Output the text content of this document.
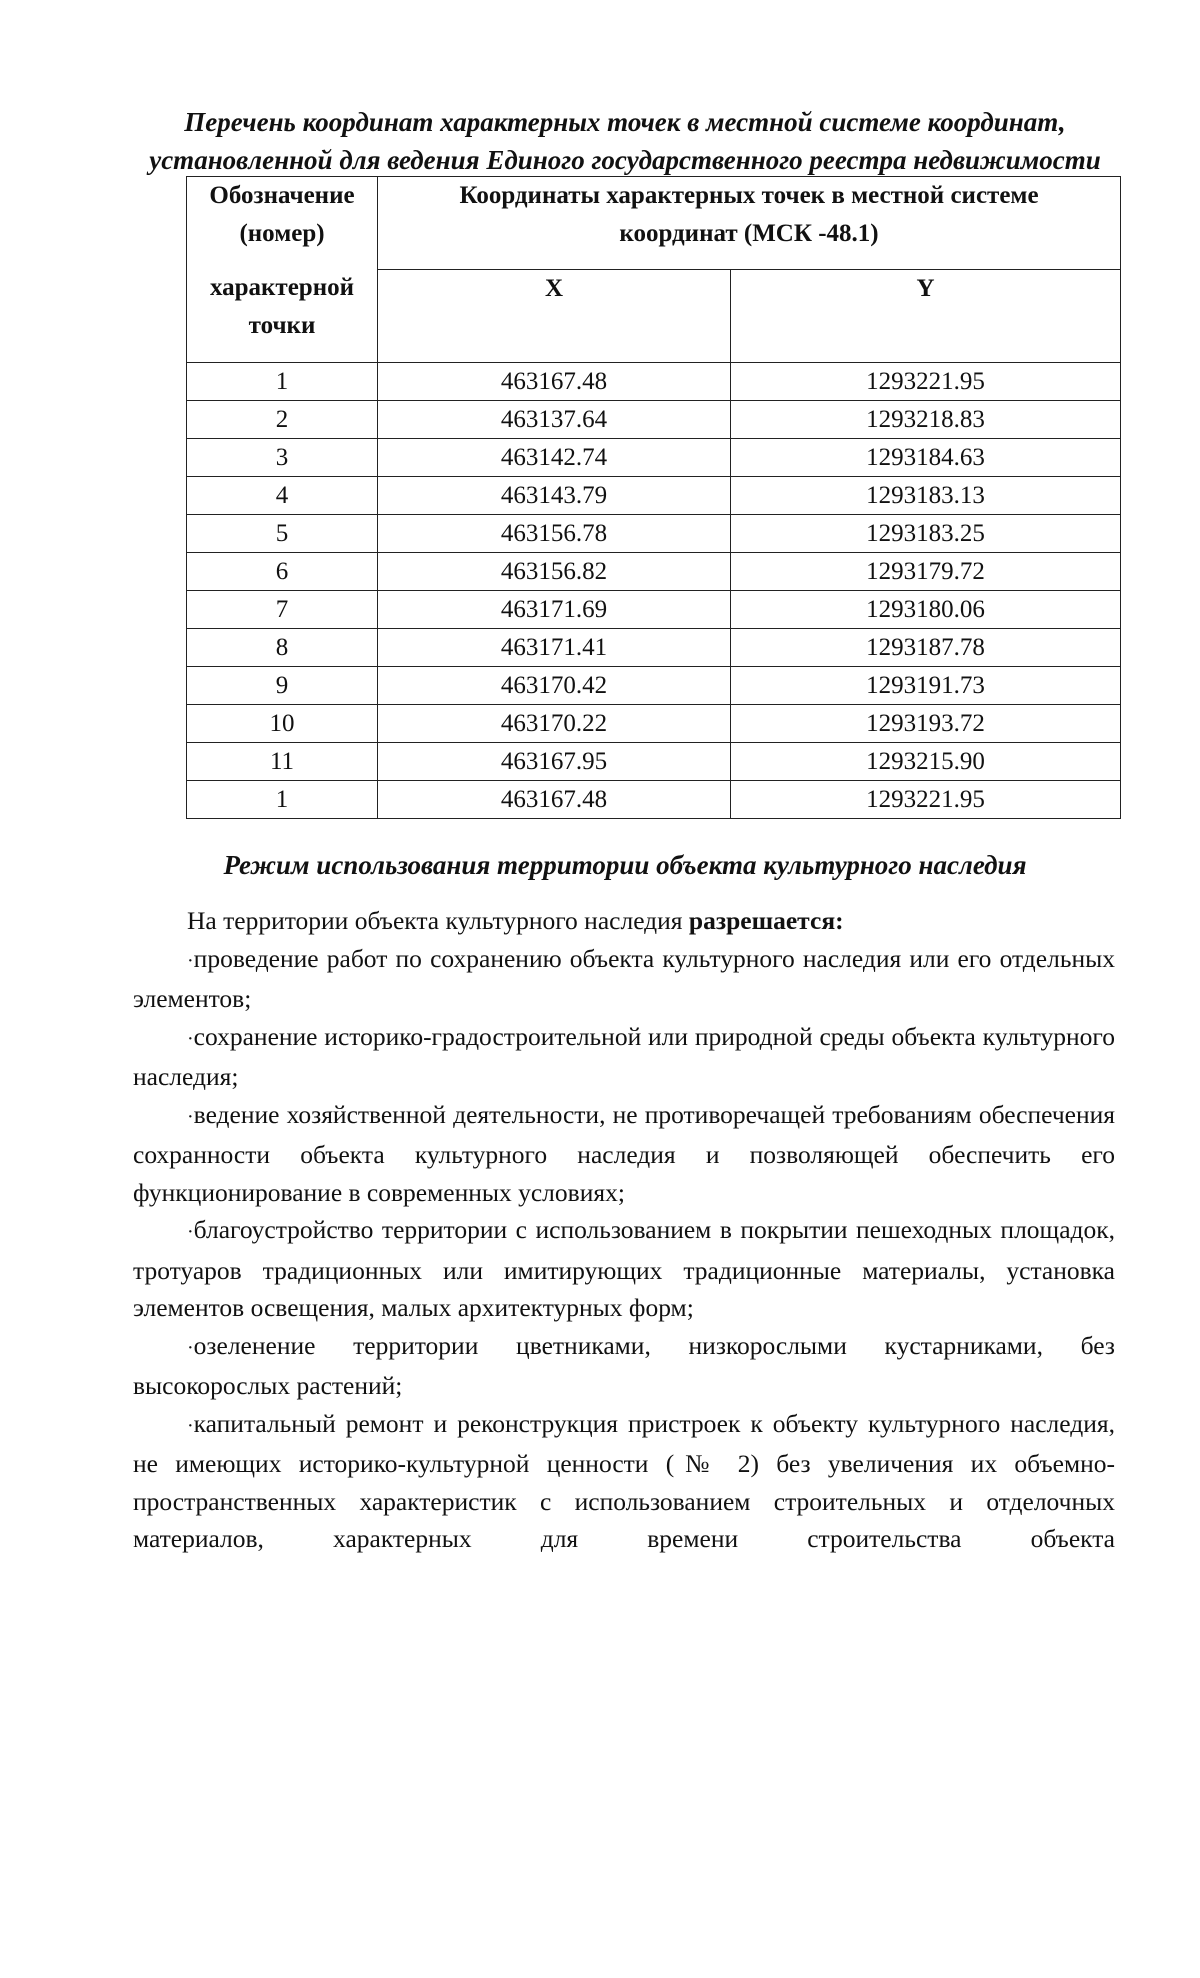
Перечень координат характерных точек в местной системе координат,

установленной для ведения Единого государственного реестра недвижимости

Обозначение
(номер)
характерной
точки	Координаты характерных точек в местной системе
координат (МСК -48.1)	
	X	Y
1	463167.48	1293221.95
2	463137.64	1293218.83
3	463142.74	1293184.63
4	463143.79	1293183.13
5	463156.78	1293183.25
6	463156.82	1293179.72
7	463171.69	1293180.06
8	463171.41	1293187.78
9	463170.42	1293191.73
10	463170.22	1293193.72
11	463167.95	1293215.90
1	463167.48	1293221.95

Режим использования территории объекта культурного наследия

На территории объекта культурного наследия разрешается:

·проведение работ по сохранению объекта культурного наследия или его отдельных элементов;

·сохранение историко-градостроительной или природной среды объекта культурного наследия;

·ведение хозяйственной деятельности, не противоречащей требованиям обеспечения сохранности объекта культурного наследия и позволяющей обеспечить его функционирование в современных условиях;

·благоустройство территории с использованием в покрытии пешеходных площадок, тротуаров традиционных или имитирующих традиционные материалы, установка элементов освещения, малых архитектурных форм;

·озеленение территории цветниками, низкорослыми кустарниками, без высокорослых растений;

·капитальный ремонт и реконструкция пристроек к объекту культурного наследия, не имеющих историко-культурной ценности (№ 2) без увеличения их объемно-пространственных характеристик с использованием строительных и отделочных материалов, характерных для времени строительства объекта
